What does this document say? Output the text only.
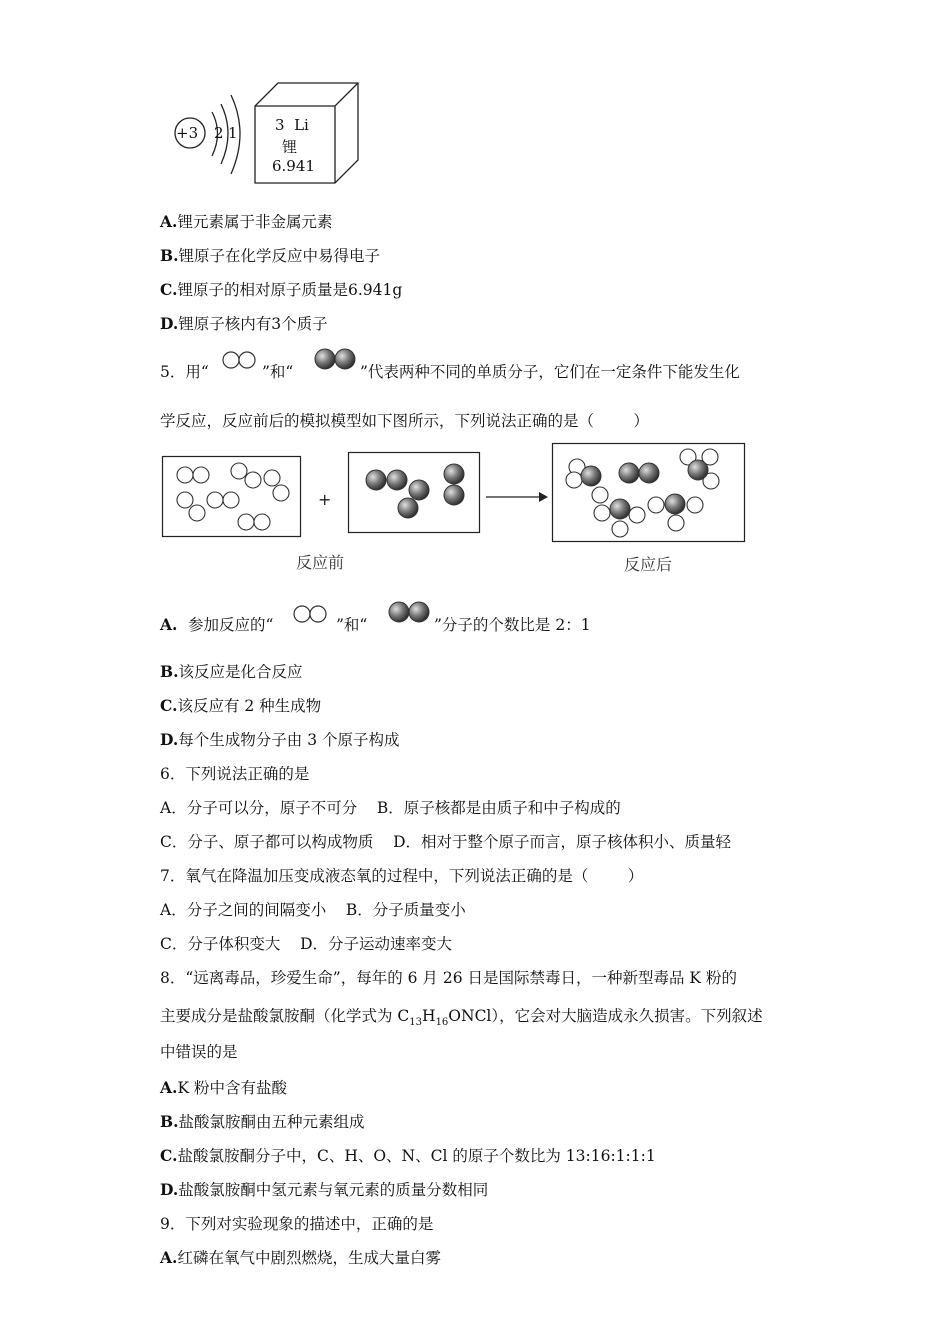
+3 2 1 3  Li
锂
6.941
A.锂元素属于非金属元素
B.锂原子在化学反应中易得电子
C.锂原子的相对原子质量是6.941g
D.锂原子核内有3个质子
5．用“	”和“	”代表两种不同的单质分子，它们在一定条件下能发生化
学反应，反应前后的模拟模型如下图所示，下列说法正确的是（        ）
+
反应前	反应后
A. 参加反应的“	”和“	”分子的个数比是 2：1
B.该反应是化合反应
C.该反应有 2 种生成物
D.每个生成物分子由 3 个原子构成
6．下列说法正确的是
A．分子可以分，原子不可分    B．原子核都是由质子和中子构成的
C．分子、原子都可以构成物质    D．相对于整个原子而言，原子核体积小、质量轻
7．氧气在降温加压变成液态氧的过程中，下列说法正确的是（        ）
A．分子之间的间隔变小    B．分子质量变小
C．分子体积变大    D．分子运动速率变大
8．“远离毒品，珍爱生命”，每年的 6 月 26 日是国际禁毒日，一种新型毒品 K 粉的
主要成分是盐酸氯胺酮（化学式为 $C_{13}H_{16}ONCl$），它会对大脑造成永久损害。下列叙述
中错误的是
A.K 粉中含有盐酸
B.盐酸氯胺酮由五种元素组成
C.盐酸氯胺酮分子中，C、H、O、N、Cl 的原子个数比为 13:16:1:1:1
D.盐酸氯胺酮中氢元素与氧元素的质量分数相同
9．下列对实验现象的描述中，正确的是
A.红磷在氧气中剧烈燃烧，生成大量白雾
